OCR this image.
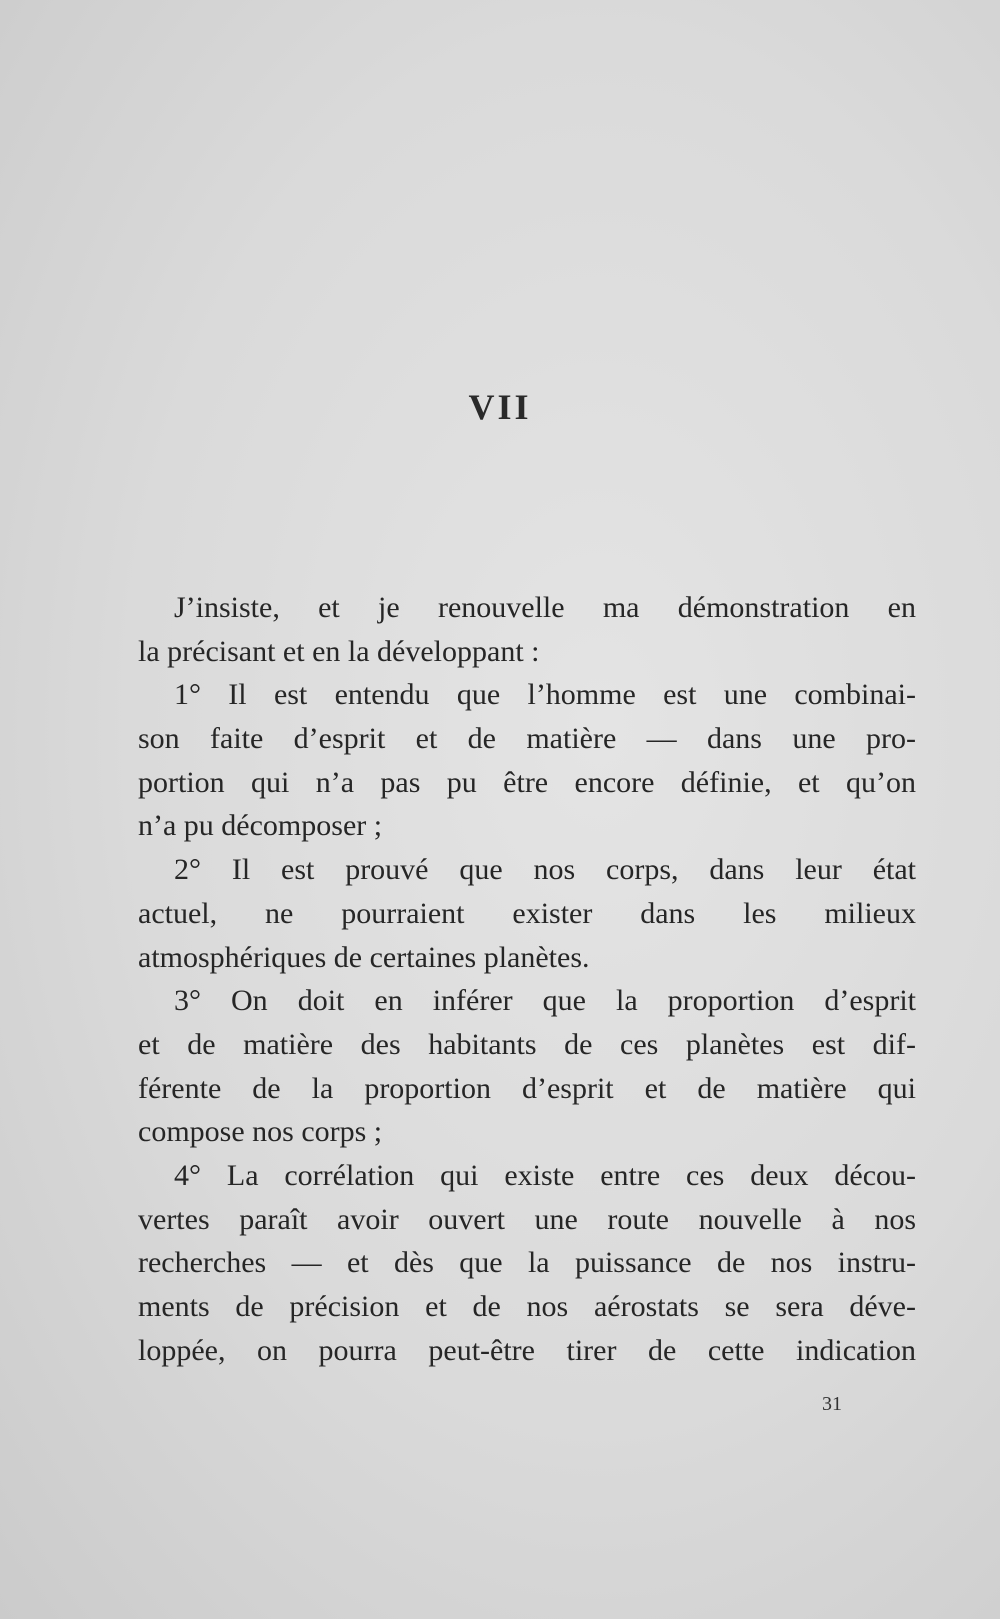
VII
J’insiste, et je renouvelle ma démonstration en
la précisant et en la développant :
1° Il est entendu que l’homme est une combinai-
son faite d’esprit et de matière — dans une pro-
portion qui n’a pas pu être encore définie, et qu’on
n’a pu décomposer ;
2° Il est prouvé que nos corps, dans leur état
actuel, ne pourraient exister dans les milieux
atmosphériques de certaines planètes.
3° On doit en inférer que la proportion d’esprit
et de matière des habitants de ces planètes est dif-
férente de la proportion d’esprit et de matière qui
compose nos corps ;
4° La corrélation qui existe entre ces deux décou-
vertes paraît avoir ouvert une route nouvelle à nos
recherches — et dès que la puissance de nos instru-
ments de précision et de nos aérostats se sera déve-
loppée, on pourra peut-être tirer de cette indication
31
